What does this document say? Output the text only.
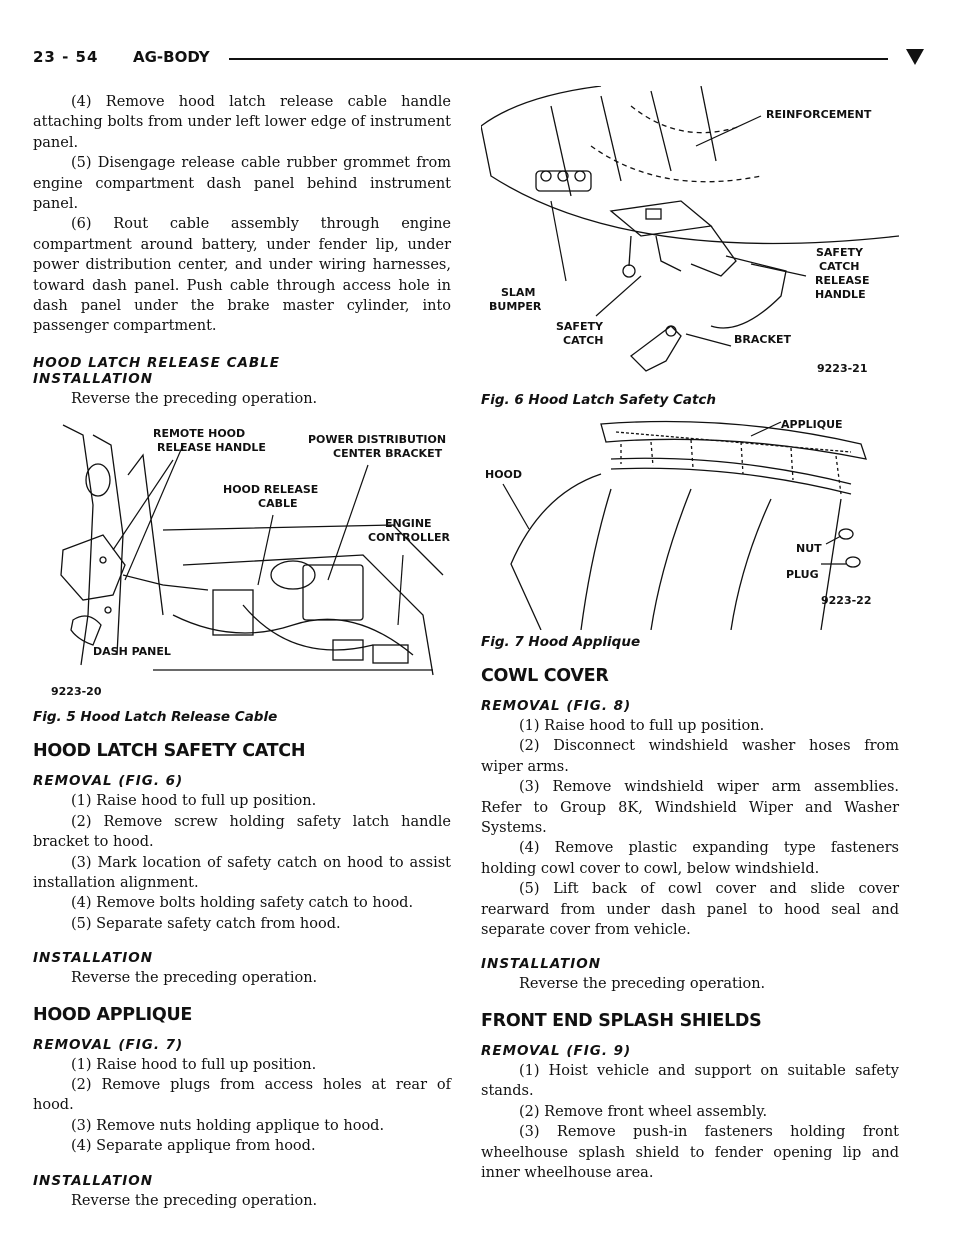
23 - 54 AG-BODY

(4) Remove hood latch release cable handle attaching bolts from under left lower edge of instrument panel.

(5) Disengage release cable rubber grommet from engine compartment dash panel behind instrument panel.

(6) Rout cable assembly through engine compartment around battery, under fender lip, under power distribution center, and under wiring harnesses, toward dash panel. Push cable through access hole in dash panel under the brake master cylinder, into passenger compartment.

HOOD LATCH RELEASE CABLE
INSTALLATION

Reverse the preceding operation.

REMOTE HOOD
RELEASE HANDLE
POWER DISTRIBUTION
CENTER BRACKET
HOOD RELEASE
CABLE
ENGINE
CONTROLLER
DASH PANEL
9223-20
Fig. 5 Hood Latch Release Cable
HOOD LATCH SAFETY CATCH
REMOVAL (FIG. 6)

(1) Raise hood to full up position.

(2) Remove screw holding safety latch handle bracket to hood.

(3) Mark location of safety catch on hood to assist installation alignment.

(4) Remove bolts holding safety catch to hood.

(5) Separate safety catch from hood.

INSTALLATION

Reverse the preceding operation.

HOOD APPLIQUE
REMOVAL (FIG. 7)

(1) Raise hood to full up position.

(2) Remove plugs from access holes at rear of hood.

(3) Remove nuts holding applique to hood.

(4) Separate applique from hood.

INSTALLATION

Reverse the preceding operation.

REINFORCEMENT
SAFETY
CATCH
RELEASE
HANDLE
SLAM
BUMPER
SAFETY
CATCH	BRACKET
9223-21
Fig. 6 Hood Latch Safety Catch
APPLIQUE
HOOD
NUT
PLUG
9223-22
Fig. 7 Hood Applique
COWL COVER
REMOVAL (FIG. 8)

(1) Raise hood to full up position.

(2) Disconnect windshield washer hoses from wiper arms.

(3) Remove windshield wiper arm assemblies. Refer to Group 8K, Windshield Wiper and Washer Systems.

(4) Remove plastic expanding type fasteners holding cowl cover to cowl, below windshield.

(5) Lift back of cowl cover and slide cover rearward from under dash panel to hood seal and separate cover from vehicle.

INSTALLATION

Reverse the preceding operation.

FRONT END SPLASH SHIELDS
REMOVAL (FIG. 9)

(1) Hoist vehicle and support on suitable safety stands.

(2) Remove front wheel assembly.

(3) Remove push-in fasteners holding front wheelhouse splash shield to fender opening lip and inner wheelhouse area.
